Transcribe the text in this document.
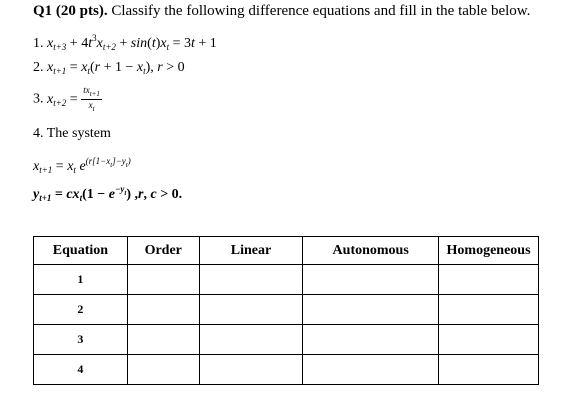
Q1 (20 pts). Classify the following difference equations and fill in the table below.
1. $x_{t+3} + 4t^3x_{t+2} + \sin(t)x_t = 3t + 1$
2. $x_{t+1} = x_t(r + 1 - x_t)$, r > 0
3. $x_{t+2} = \frac{tx_{t+1}}{x_t}$
4. The system
$x_{t+1} = x_t$ $e^{(r[1-x_t]-y_t)}$
$y_{t+1} = cx_t(1 - e^{-y_t})$ ,r, c > 0.
Equation	Order	Linear	Autonomous	Homogeneous
1				
2				
3				
4				
